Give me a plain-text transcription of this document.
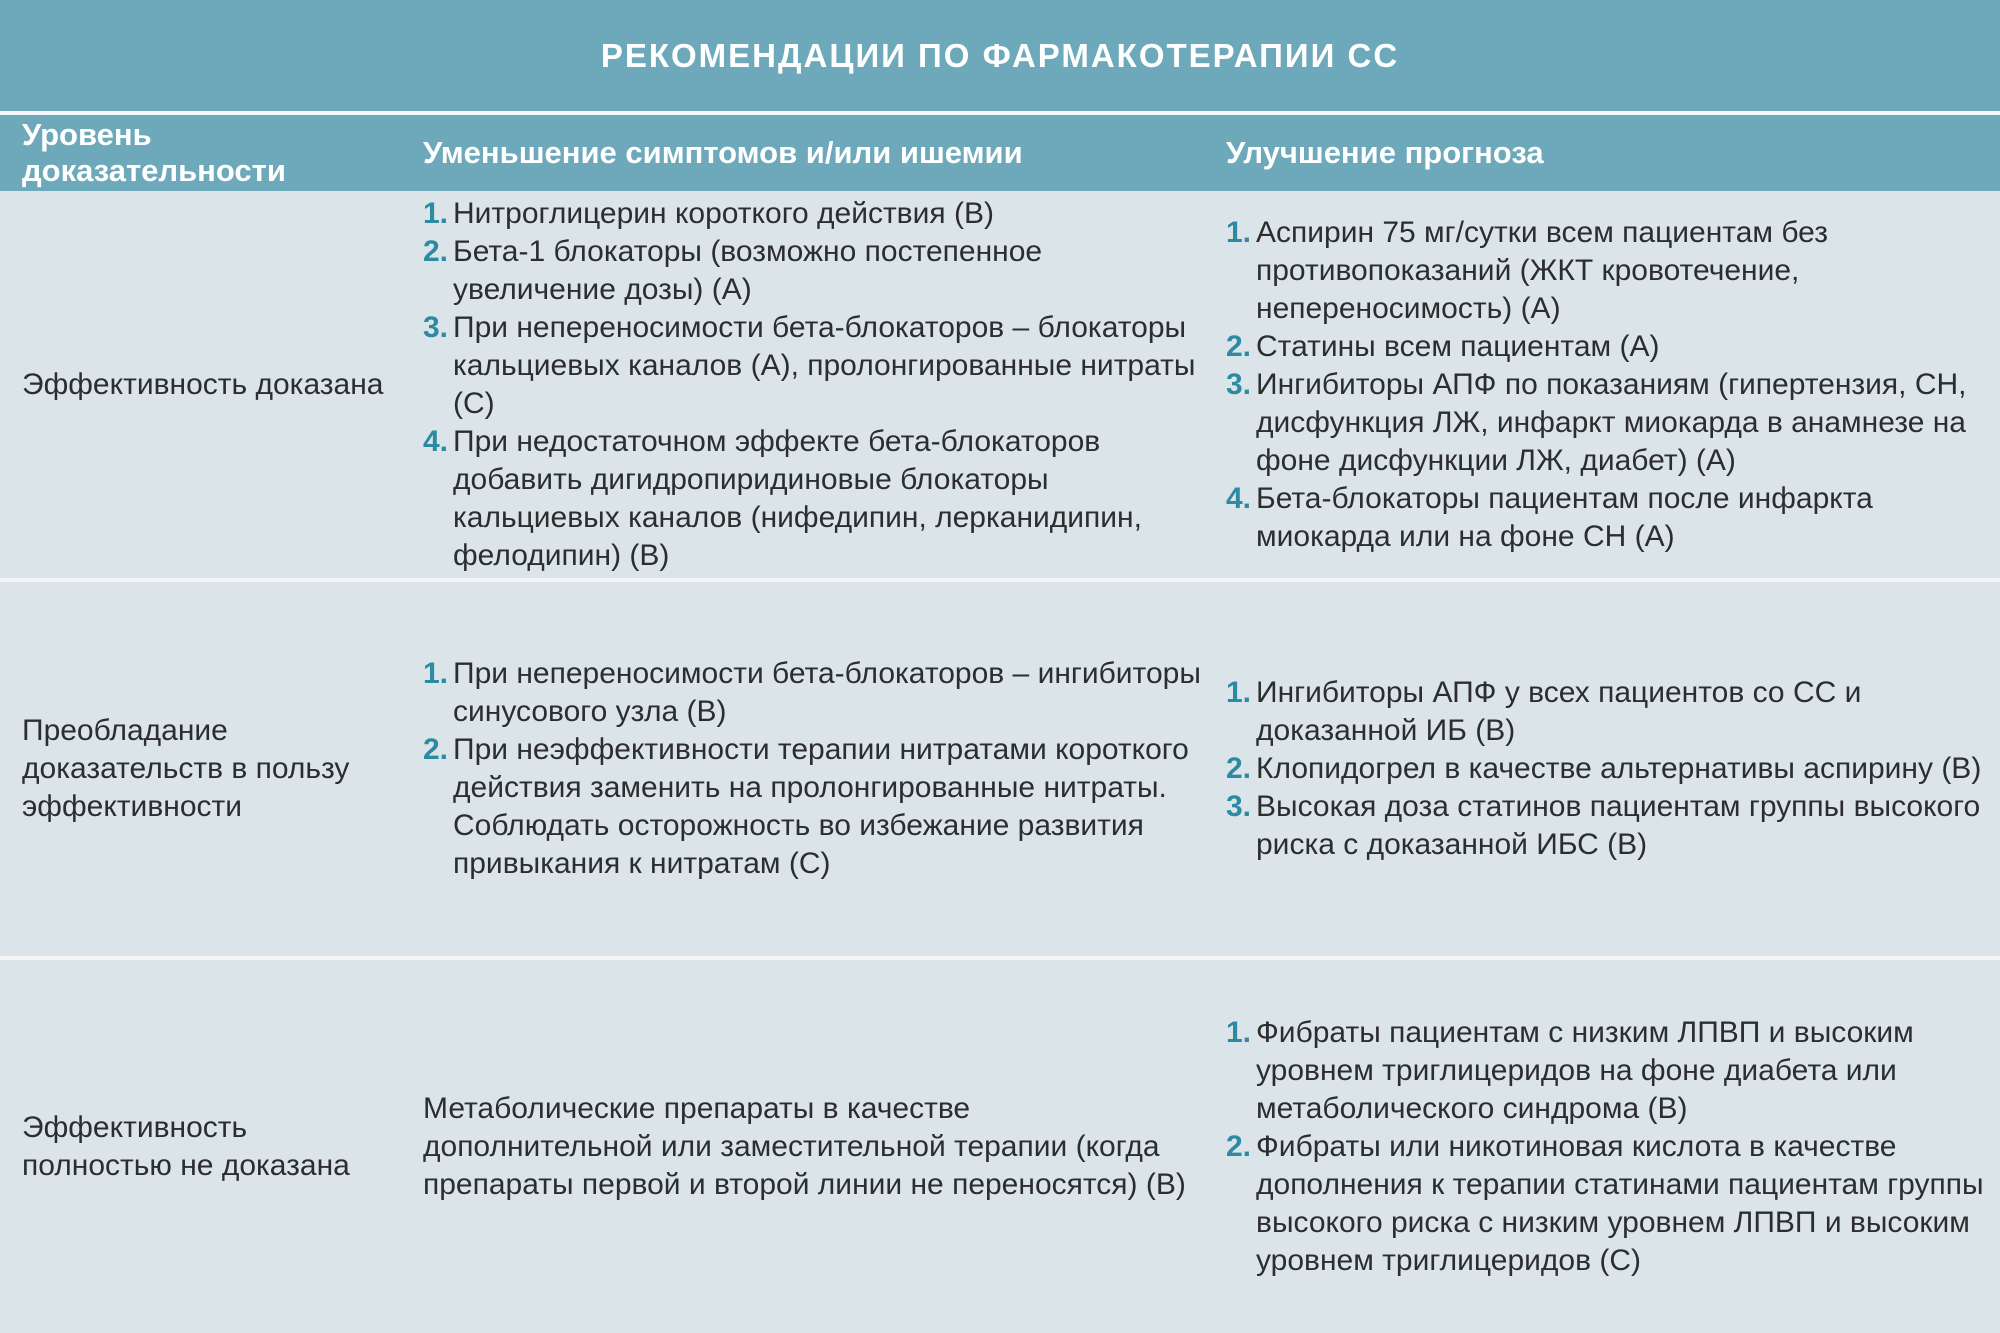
РЕКОМЕНДАЦИИ ПО ФАРМАКОТЕРАПИИ СС
Уровень доказательности
Уменьшение симптомов и/или ишемии	Улучшение прогноза
Эффективность доказана
1. Нитроглицерин короткого действия (B)
2. Бета-1 блокаторы (возможно постепенное увеличение дозы) (A)
3. При непереносимости бета-блокаторов – блокаторы кальциевых каналов (А), пролонгированные нитраты (С)
4. При недостаточном эффекте бета-блокаторов добавить дигидропиридиновые блокаторы кальциевых каналов (нифедипин, лерканидипин, фелодипин) (В)
1. Аспирин 75 мг/сутки всем пациентам без противопоказаний (ЖКТ кровотечение, непереносимость) (А)
2. Статины всем пациентам (А)
3. Ингибиторы АПФ по показаниям (гипертензия, СН, дисфункция ЛЖ, инфаркт миокарда в анамнезе на фоне дисфункции ЛЖ, диабет) (А)
4. Бета-блокаторы пациентам после инфаркта миокарда или на фоне СН (А)
Преобладание доказательств в пользу эффективности
1. При непереносимости бета-блокаторов – ингибиторы синусового узла (В)
2. При неэффективности терапии нитратами короткого действия заменить на пролонгированные нитраты. Соблюдать осторожность во избежание развития привыкания к нитратам (С)
1. Ингибиторы АПФ у всех пациентов со СС и доказанной ИБ (В)
2. Клопидогрел в качестве альтернативы аспирину (В)
3. Высокая доза статинов пациентам группы высокого риска с доказанной ИБС (В)
Эффективность полностью не доказана
Метаболические препараты в качестве дополнительной или заместительной терапии (когда препараты первой и второй линии не переносятся) (В)
1. Фибраты пациентам с низким ЛПВП и высоким уровнем триглицеридов на фоне диабета или метаболического синдрома (В)
2. Фибраты или никотиновая кислота в качестве дополнения к терапии статинами пациентам группы высокого риска с низким уровнем ЛПВП и высоким уровнем триглицеридов (С)
